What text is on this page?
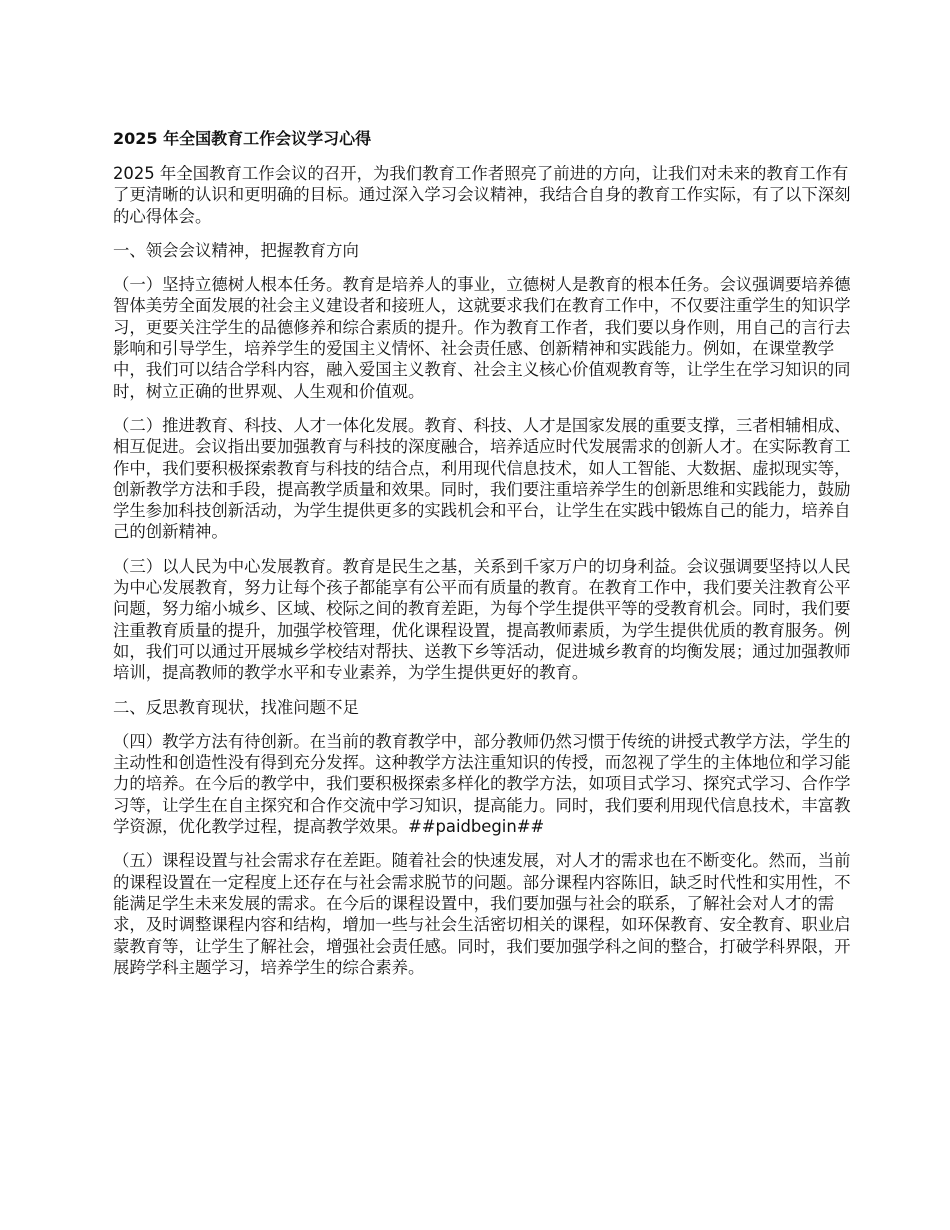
2025 年全国教育工作会议学习心得
2025 年全国教育工作会议的召开，为我们教育工作者照亮了前进的方向，让我们对未来的教育工作有了更清晰的认识和更明确的目标。通过深入学习会议精神，我结合自身的教育工作实际，有了以下深刻的心得体会。
一、领会会议精神，把握教育方向
（一）坚持立德树人根本任务。教育是培养人的事业，立德树人是教育的根本任务。会议强调要培养德智体美劳全面发展的社会主义建设者和接班人，这就要求我们在教育工作中，不仅要注重学生的知识学习，更要关注学生的品德修养和综合素质的提升。作为教育工作者，我们要以身作则，用自己的言行去影响和引导学生，培养学生的爱国主义情怀、社会责任感、创新精神和实践能力。例如，在课堂教学中，我们可以结合学科内容，融入爱国主义教育、社会主义核心价值观教育等，让学生在学习知识的同时，树立正确的世界观、人生观和价值观。
（二）推进教育、科技、人才一体化发展。教育、科技、人才是国家发展的重要支撑，三者相辅相成、相互促进。会议指出要加强教育与科技的深度融合，培养适应时代发展需求的创新人才。在实际教育工作中，我们要积极探索教育与科技的结合点，利用现代信息技术，如人工智能、大数据、虚拟现实等，创新教学方法和手段，提高教学质量和效果。同时，我们要注重培养学生的创新思维和实践能力，鼓励学生参加科技创新活动，为学生提供更多的实践机会和平台，让学生在实践中锻炼自己的能力，培养自己的创新精神。
（三）以人民为中心发展教育。教育是民生之基，关系到千家万户的切身利益。会议强调要坚持以人民为中心发展教育，努力让每个孩子都能享有公平而有质量的教育。在教育工作中，我们要关注教育公平问题，努力缩小城乡、区域、校际之间的教育差距，为每个学生提供平等的受教育机会。同时，我们要注重教育质量的提升，加强学校管理，优化课程设置，提高教师素质，为学生提供优质的教育服务。例如，我们可以通过开展城乡学校结对帮扶、送教下乡等活动，促进城乡教育的均衡发展；通过加强教师培训，提高教师的教学水平和专业素养，为学生提供更好的教育。
二、反思教育现状，找准问题不足
（四）教学方法有待创新。在当前的教育教学中，部分教师仍然习惯于传统的讲授式教学方法，学生的主动性和创造性没有得到充分发挥。这种教学方法注重知识的传授，而忽视了学生的主体地位和学习能力的培养。在今后的教学中，我们要积极探索多样化的教学方法，如项目式学习、探究式学习、合作学习等，让学生在自主探究和合作交流中学习知识，提高能力。同时，我们要利用现代信息技术，丰富教学资源，优化教学过程，提高教学效果。##paidbegin##
（五）课程设置与社会需求存在差距。随着社会的快速发展，对人才的需求也在不断变化。然而，当前的课程设置在一定程度上还存在与社会需求脱节的问题。部分课程内容陈旧，缺乏时代性和实用性，不能满足学生未来发展的需求。在今后的课程设置中，我们要加强与社会的联系，了解社会对人才的需求，及时调整课程内容和结构，增加一些与社会生活密切相关的课程，如环保教育、安全教育、职业启蒙教育等，让学生了解社会，增强社会责任感。同时，我们要加强学科之间的整合，打破学科界限，开展跨学科主题学习，培养学生的综合素养。
